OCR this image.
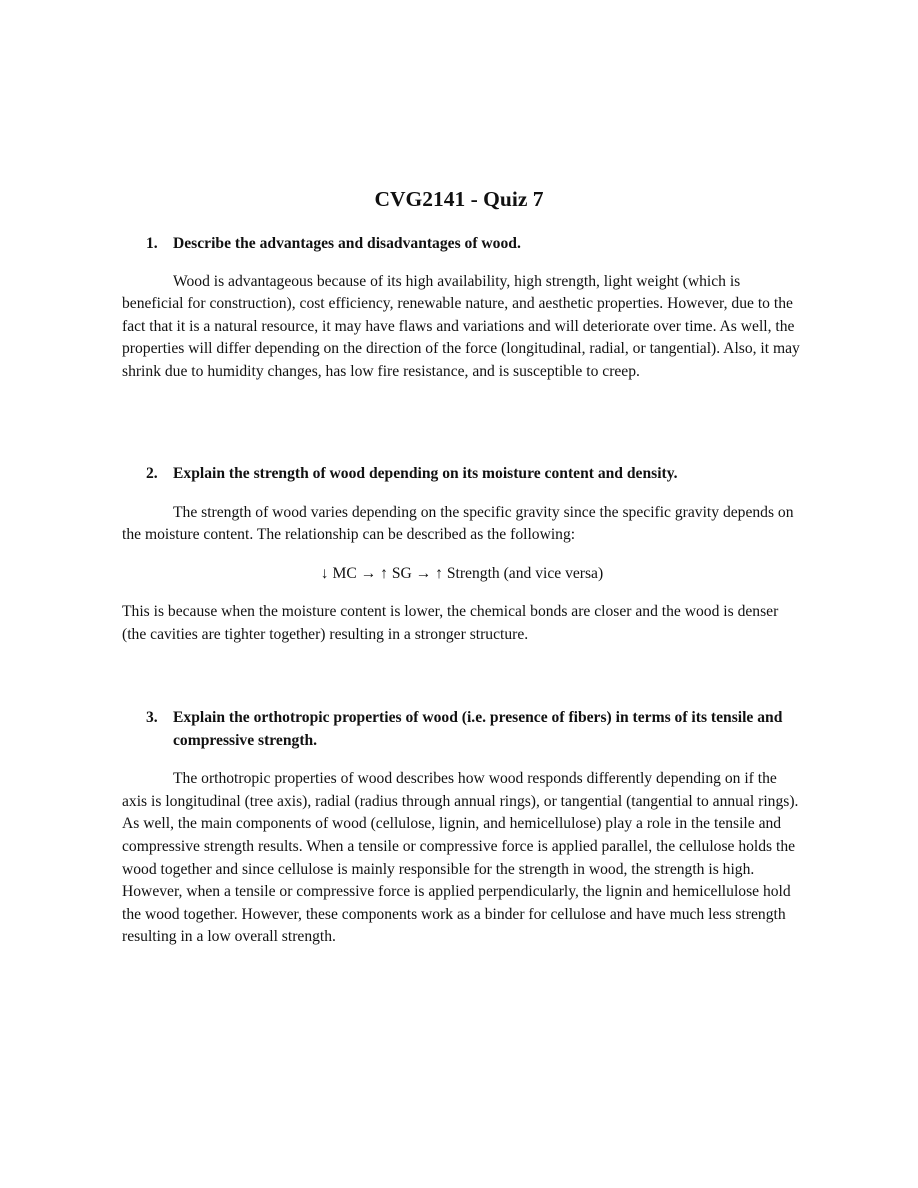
CVG2141 - Quiz 7
1. Describe the advantages and disadvantages of wood.

Wood is advantageous because of its high availability, high strength, light weight (which is beneficial for construction), cost efficiency, renewable nature, and aesthetic properties. However, due to the fact that it is a natural resource, it may have flaws and variations and will deteriorate over time. As well, the properties will differ depending on the direction of the force (longitudinal, radial, or tangential). Also, it may shrink due to humidity changes, has low fire resistance, and is susceptible to creep.

2. Explain the strength of wood depending on its moisture content and density.

The strength of wood varies depending on the specific gravity since the specific gravity depends on the moisture content. The relationship can be described as the following:

↓ MC → ↑ SG → ↑ Strength (and vice versa)

This is because when the moisture content is lower, the chemical bonds are closer and the wood is denser (the cavities are tighter together) resulting in a stronger structure.

3. Explain the orthotropic properties of wood (i.e. presence of fibers) in terms of its tensile and compressive strength.

The orthotropic properties of wood describes how wood responds differently depending on if the axis is longitudinal (tree axis), radial (radius through annual rings), or tangential (tangential to annual rings). As well, the main components of wood (cellulose, lignin, and hemicellulose) play a role in the tensile and compressive strength results. When a tensile or compressive force is applied parallel, the cellulose holds the wood together and since cellulose is mainly responsible for the strength in wood, the strength is high. However, when a tensile or compressive force is applied perpendicularly, the lignin and hemicellulose hold the wood together. However, these components work as a binder for cellulose and have much less strength resulting in a low overall strength.
